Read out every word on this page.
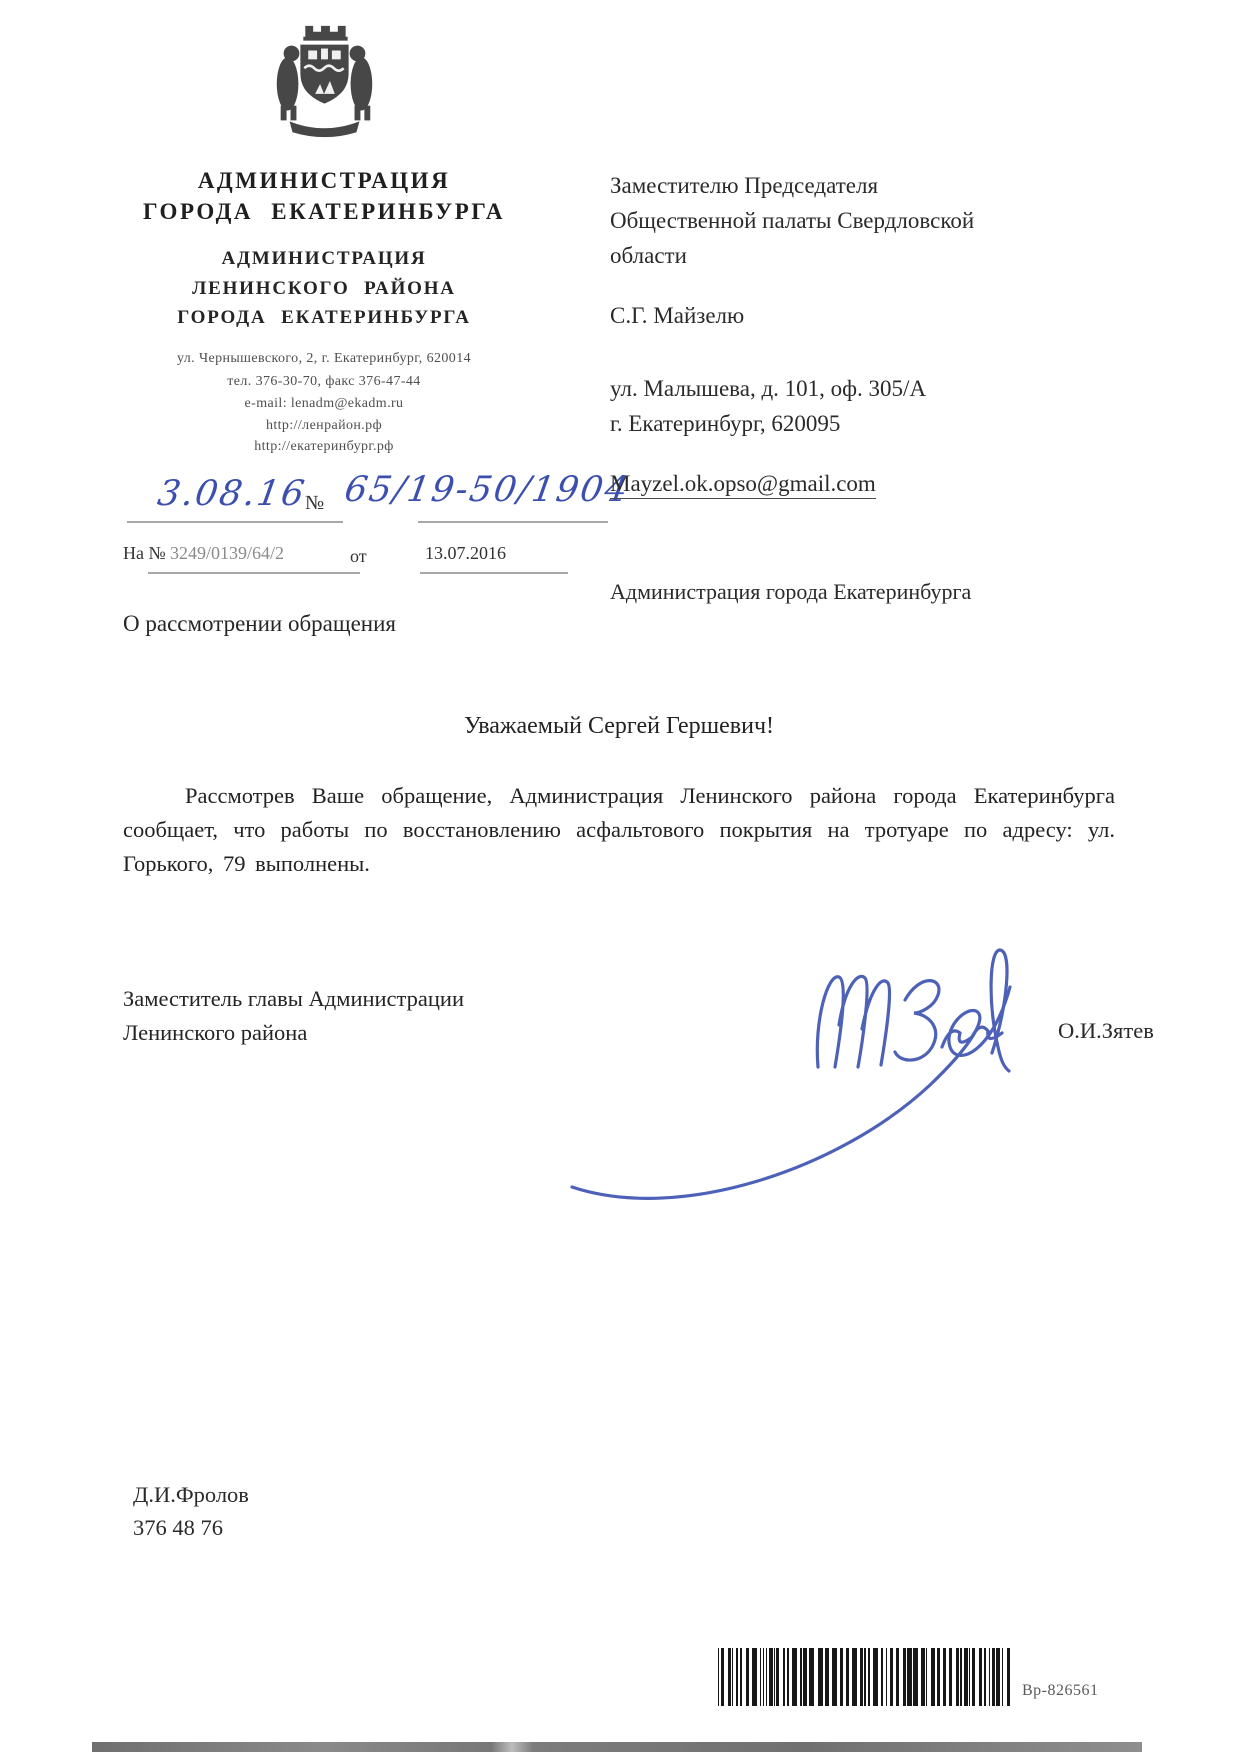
АДМИНИСТРАЦИЯ
ГОРОДА ЕКАТЕРИНБУРГА
АДМИНИСТРАЦИЯ
ЛЕНИНСКОГО РАЙОНА
ГОРОДА ЕКАТЕРИНБУРГА
ул. Чернышевского, 2, г. Екатеринбург, 620014
тел. 376-30-70, факс 376-47-44
e-mail: lenadm@ekadm.ru
http://ленрайон.рф
http://екатеринбург.рф
3.08.16
№ 65/19-50/1904
На № 3249/0139/64/2	от	13.07.2016
Заместителю Председателя
Общественной палаты Свердловской
области
С.Г. Майзелю
ул. Малышева, д. 101, оф. 305/А
г. Екатеринбург, 620095
Mayzel.ok.opso@gmail.com
Администрация города Екатеринбурга
О рассмотрении обращения
Уважаемый Сергей Гершевич!
Рассмотрев Ваше обращение, Администрация Ленинского района города Екатеринбурга сообщает, что работы по восстановлению асфальтового покрытия на тротуаре по адресу: ул. Горького, 79 выполнены.
Заместитель главы Администрации
Ленинского района	О.И.Зятев
Д.И.Фролов
376 48 76
Вр-826561
